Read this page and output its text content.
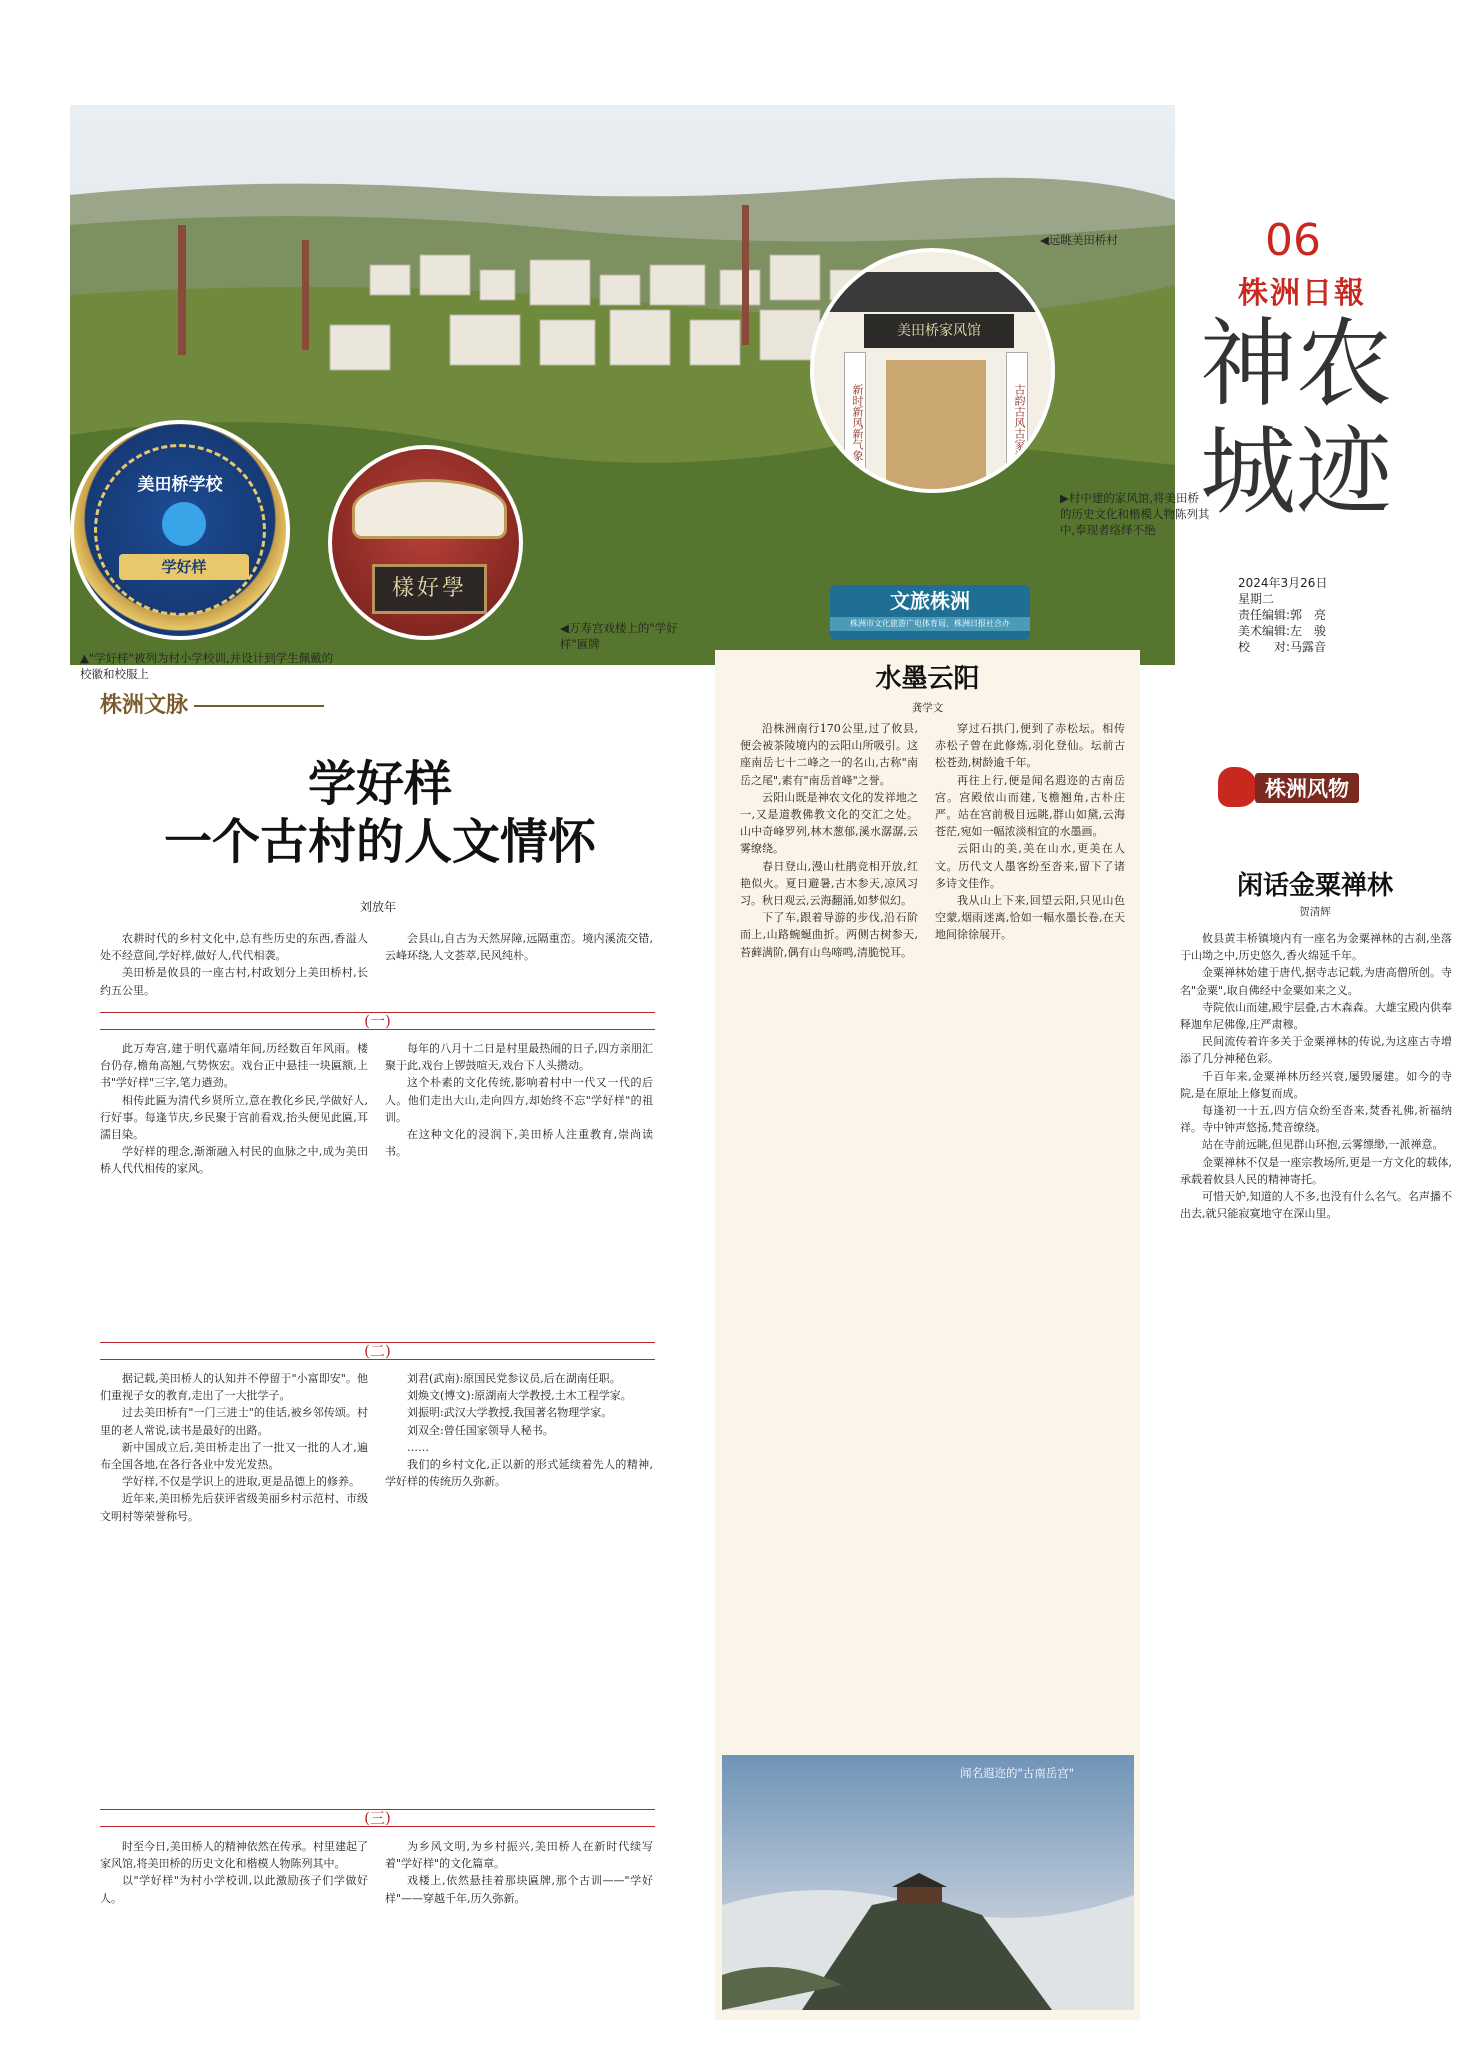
06
株洲日報
神农城迹
2024年3月26日
星期二
责任编辑:郭　亮
美术编辑:左　骏
校　　对:马露音
◀远眺美田桥村
美田桥学校
学好样
▲"学好样"被列为村小学校训,并设计到学生佩戴的校徽和校服上
樣好學
◀万寿宫戏楼上的"学好样"匾牌
美田桥家风馆
新时新风新气象	古韵古风古家训
▶村中建的家风馆,将美田桥的历史文化和楷模人物陈列其中,奉现者络绎不绝
文旅株洲
株洲市文化旅游广电体育局、株洲日报社合办
株洲文脉
学好样
一个古村的人文情怀
刘放年

农耕时代的乡村文化中,总有些历史的东西,香溢人处不经意间,学好样,做好人,代代相袭。

美田桥是攸县的一座古村,村政划分上美田桥村,长约五公里。

会县山,自古为天然屏障,远隔重峦。境内溪流交错,云峰环绕,人文荟萃,民风纯朴。

(一)

此万寿宫,建于明代嘉靖年间,历经数百年风雨。楼台仍存,檐角高翘,气势恢宏。戏台正中悬挂一块匾额,上书"学好样"三字,笔力遒劲。

相传此匾为清代乡贤所立,意在教化乡民,学做好人,行好事。每逢节庆,乡民聚于宫前看戏,抬头便见此匾,耳濡目染。

学好样的理念,渐渐融入村民的血脉之中,成为美田桥人代代相传的家风。

每年的八月十二日是村里最热闹的日子,四方亲朋汇聚于此,戏台上锣鼓喧天,戏台下人头攒动。

这个朴素的文化传统,影响着村中一代又一代的后人。他们走出大山,走向四方,却始终不忘"学好样"的祖训。

在这种文化的浸润下,美田桥人注重教育,崇尚读书。

(二)

据记载,美田桥人的认知并不停留于"小富即安"。他们重视子女的教育,走出了一大批学子。

过去美田桥有"一门三进士"的佳话,被乡邻传颂。村里的老人常说,读书是最好的出路。

新中国成立后,美田桥走出了一批又一批的人才,遍布全国各地,在各行各业中发光发热。

学好样,不仅是学识上的进取,更是品德上的修养。

近年来,美田桥先后获评省级美丽乡村示范村、市级文明村等荣誉称号。

刘君(武南):原国民党参议员,后在湖南任职。

刘焕文(博文):原湖南大学教授,土木工程学家。

刘振明:武汉大学教授,我国著名物理学家。

刘双全:曾任国家领导人秘书。

……

我们的乡村文化,正以新的形式延续着先人的精神,学好样的传统历久弥新。

(三)

时至今日,美田桥人的精神依然在传承。村里建起了家风馆,将美田桥的历史文化和楷模人物陈列其中。

以"学好样"为村小学校训,以此激励孩子们学做好人。

为乡风文明,为乡村振兴,美田桥人在新时代续写着"学好样"的文化篇章。

戏楼上,依然悬挂着那块匾牌,那个古训——"学好样"——穿越千年,历久弥新。

水墨云阳
龚学文

沿株洲南行170公里,过了攸县,便会被茶陵境内的云阳山所吸引。这座南岳七十二峰之一的名山,古称"南岳之尾",素有"南岳首峰"之誉。

云阳山既是神农文化的发祥地之一,又是道教佛教文化的交汇之处。山中奇峰罗列,林木葱郁,溪水潺潺,云雾缭绕。

春日登山,漫山杜鹃竞相开放,红艳似火。夏日避暑,古木参天,凉风习习。秋日观云,云海翻涌,如梦似幻。

下了车,跟着导游的步伐,沿石阶而上,山路蜿蜒曲折。两侧古树参天,苔藓满阶,偶有山鸟啼鸣,清脆悦耳。

穿过石拱门,便到了赤松坛。相传赤松子曾在此修炼,羽化登仙。坛前古松苍劲,树龄逾千年。

再往上行,便是闻名遐迩的古南岳宫。宫殿依山而建,飞檐翘角,古朴庄严。站在宫前极目远眺,群山如黛,云海苍茫,宛如一幅浓淡相宜的水墨画。

云阳山的美,美在山水,更美在人文。历代文人墨客纷至沓来,留下了诸多诗文佳作。

我从山上下来,回望云阳,只见山色空蒙,烟雨迷离,恰如一幅水墨长卷,在天地间徐徐展开。

闻名遐迩的"古南岳宫"
株洲风物
闲话金粟禅林
贺清辉

攸县黄丰桥镇境内有一座名为金粟禅林的古刹,坐落于山坳之中,历史悠久,香火绵延千年。

金粟禅林始建于唐代,据寺志记载,为唐高僧所创。寺名"金粟",取自佛经中金粟如来之义。

寺院依山而建,殿宇层叠,古木森森。大雄宝殿内供奉释迦牟尼佛像,庄严肃穆。

民间流传着许多关于金粟禅林的传说,为这座古寺增添了几分神秘色彩。

千百年来,金粟禅林历经兴衰,屡毁屡建。如今的寺院,是在原址上修复而成。

每逢初一十五,四方信众纷至沓来,焚香礼佛,祈福纳祥。寺中钟声悠扬,梵音缭绕。

站在寺前远眺,但见群山环抱,云雾缥缈,一派禅意。

金粟禅林不仅是一座宗教场所,更是一方文化的载体,承载着攸县人民的精神寄托。

可惜天妒,知道的人不多,也没有什么名气。名声播不出去,就只能寂寞地守在深山里。
